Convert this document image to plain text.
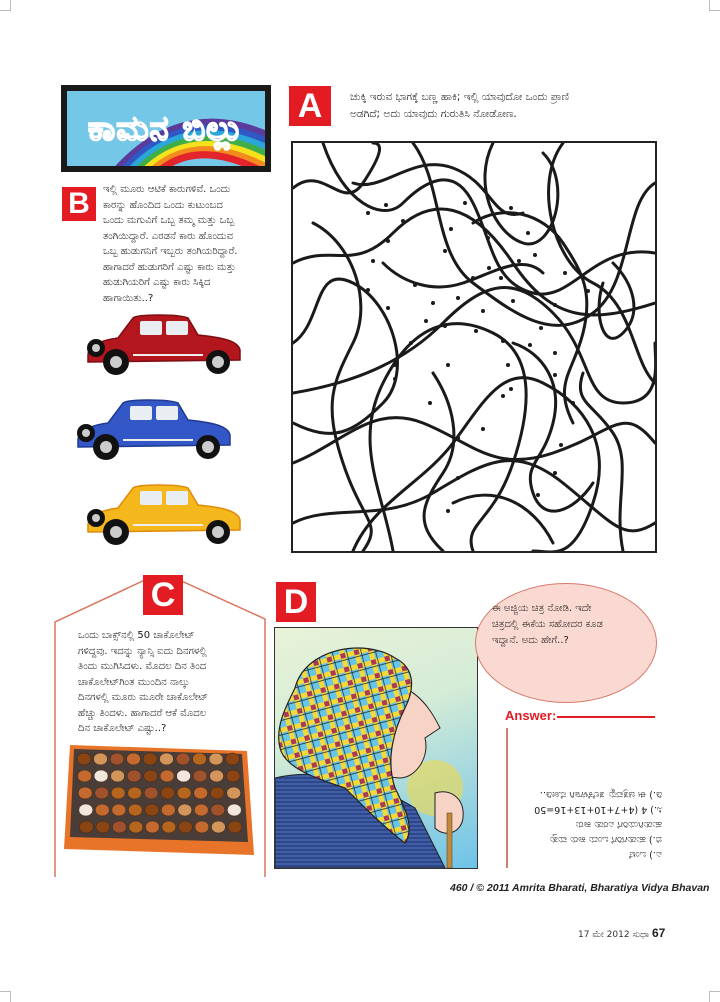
ಕಾಮನ ಬಿಲ್ಲು
A	ಚುಕ್ಕಿ ಇರುವ ಭಾಗಕ್ಕೆ ಬಣ್ಣ ಹಾಕಿ; ಇಲ್ಲಿ ಯಾವುದೋ ಒಂದು ಪ್ರಾಣಿ
ಅಡಗಿದೆ; ಅದು ಯಾವುದು ಗುರುತಿಸಿ ನೋಡೋಣ.
B	ಇಲ್ಲಿ ಮೂರು ಆಟಿಕೆ ಕಾರುಗಳಿವೆ. ಒಂದು
ಕಾರನ್ನು ಹೊಂದಿದ ಒಂದು ಕುಟುಂಬದ
ಒಂದು ಮಗುವಿಗೆ ಒಬ್ಬ ತಮ್ಮ ಮತ್ತು ಒಬ್ಬ
ತಂಗಿಯಿದ್ದಾರೆ. ಎರಡನೆ ಕಾರು ಹೊಂದುವ
ಒಬ್ಬ ಹುಡುಗನಿಗೆ ಇಬ್ಬರು ತಂಗಿಯರಿದ್ದಾರೆ.
ಹಾಗಾದರೆ ಹುಡುಗರಿಗೆ ಎಷ್ಟು ಕಾರು ಮತ್ತು
ಹುಡುಗಿಯರಿಗೆ ಎಷ್ಟು ಕಾರು ಸಿಕ್ಕಿದ
ಹಾಗಾಯಿತು..?
C
ಒಂದು ಬಾಕ್ಸ್‌ನಲ್ಲಿ 50 ಚಾಕೊಲೇಟ್
ಗಳಿದ್ದವು. ಇದನ್ನು ನ್ಯಾನ್ಸಿ ಐದು ದಿನಗಳಲ್ಲಿ
ತಿಂದು ಮುಗಿಸಿದಳು. ಮೊದಲ ದಿನ ತಿಂದ
ಚಾಕೊಲೇಟ್‌ಗಿಂತ ಮುಂದಿನ ನಾಲ್ಕು
ದಿನಗಳಲ್ಲಿ ಮೂರು ಮೂರೇ ಚಾಕೊಲೇಟ್
ಹೆಚ್ಚು ತಿಂದಳು. ಹಾಗಾದರೆ ಆಕೆ ಮೊದಲ
ದಿನ ಚಾಕೊಲೇಟ್ ಎಷ್ಟು..?
D	ಈ ಅಜ್ಜಿಯ ಚಿತ್ರ ನೋಡಿ. ಇದೇ
ಚಿತ್ರದಲ್ಲಿ ಈಕೆಯ ಸಹೋದರ ಕೂಡ
ಇದ್ದಾನೆ. ಅದು ಹೇಗೆ..?
Answer:
ಎ.) ಒಂಟೆ
ಬಿ.) ಹುಡುಗರಿಗೆ ಒಂದು ಕಾರು ಮತ್ತು
ಹುಡುಗಿಯರಿಗೆ ಎರಡು ಕಾರು
ಸಿ.) 4 (4+7+10+13+16=50
ಡಿ.) ಈ ಚಿತ್ರವನ್ನು ತಲೆಕೆಳಗಾಗಿ ನೋಡಿ..
460 / © 2011 Amrita Bharati, Bharatiya Vidya Bhavan
17 ಮೇ 2012 ಸುಧಾ 67
